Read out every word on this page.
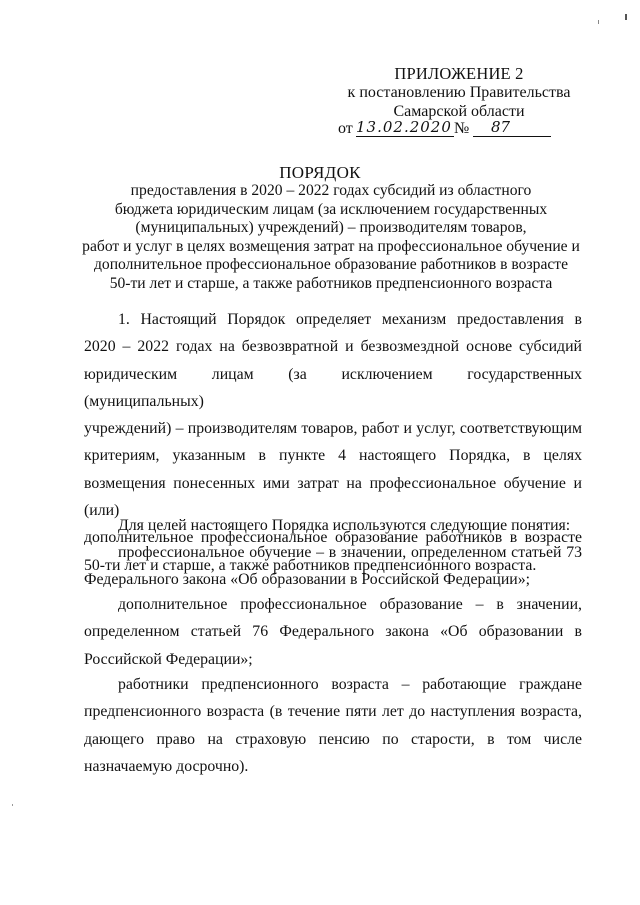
ПРИЛОЖЕНИЕ 2
к постановлению Правительства
Самарской области
от 13.02.2020 №	87
ПОРЯДОК
предоставления в 2020 – 2022 годах субсидий из областного
бюджета юридическим лицам (за исключением государственных
(муниципальных) учреждений) – производителям товаров,
работ и услуг в целях возмещения затрат на профессиональное обучение и
дополнительное профессиональное образование работников в возрасте
50-ти лет и старше, а также работников предпенсионного возраста
1. Настоящий Порядок определяет механизм предоставления в
2020 – 2022 годах на безвозвратной и безвозмездной основе субсидий
юридическим лицам (за исключением государственных (муниципальных)
учреждений) – производителям товаров, работ и услуг, соответствующим
критериям, указанным в пункте 4 настоящего Порядка, в целях
возмещения понесенных ими затрат на профессиональное обучение и (или)
дополнительное профессиональное образование работников в возрасте
50-ти лет и старше, а также работников предпенсионного возраста.
Для целей настоящего Порядка используются следующие понятия:
профессиональное обучение – в значении, определенном статьей 73
Федерального закона «Об образовании в Российской Федерации»;
дополнительное профессиональное образование – в значении,
определенном статьей 76 Федерального закона «Об образовании в
Российской Федерации»;
работники предпенсионного возраста – работающие граждане
предпенсионного возраста (в течение пяти лет до наступления возраста,
дающего право на страховую пенсию по старости, в том числе
назначаемую досрочно).
